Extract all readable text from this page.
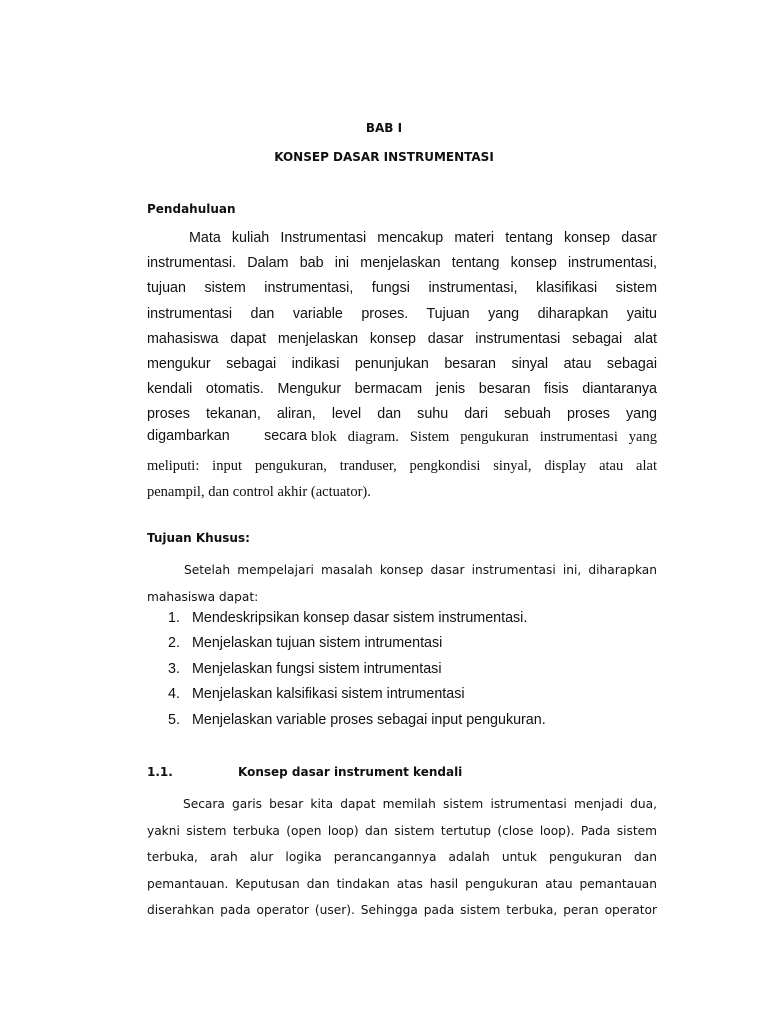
BAB I
KONSEP DASAR INSTRUMENTASI
Pendahuluan
Mata kuliah Instrumentasi mencakup materi tentang konsep dasar
instrumentasi. Dalam bab ini menjelaskan tentang konsep instrumentasi,
tujuan sistem instrumentasi, fungsi instrumentasi, klasifikasi sistem
instrumentasi dan variable proses. Tujuan yang diharapkan yaitu
mahasiswa dapat menjelaskan konsep dasar instrumentasi sebagai alat
mengukur sebagai indikasi penunjukan besaran sinyal atau sebagai
kendali otomatis. Mengukur bermacam jenis besaran fisis diantaranya
proses tekanan, aliran, level dan suhu dari sebuah proses yang
digambarkan secara blok diagram. Sistem pengukuran instrumentasi yang
meliputi: input pengukuran, tranduser, pengkondisi sinyal, display atau alat
penampil, dan control akhir (actuator).
Tujuan Khusus:
Setelah mempelajari masalah konsep dasar instrumentasi ini, diharapkan
mahasiswa dapat:
1. Mendeskripsikan konsep dasar sistem instrumentasi.
2. Menjelaskan tujuan sistem intrumentasi
3. Menjelaskan fungsi sistem intrumentasi
4. Menjelaskan kalsifikasi sistem intrumentasi
5. Menjelaskan variable proses sebagai input pengukuran.
1.1.	Konsep dasar instrument kendali
Secara garis besar kita dapat memilah sistem istrumentasi menjadi dua,
yakni sistem terbuka (open loop) dan sistem tertutup (close loop). Pada sistem
terbuka, arah alur logika perancangannya adalah untuk pengukuran dan
pemantauan. Keputusan dan tindakan atas hasil pengukuran atau pemantauan
diserahkan pada operator (user). Sehingga pada sistem terbuka, peran operator
